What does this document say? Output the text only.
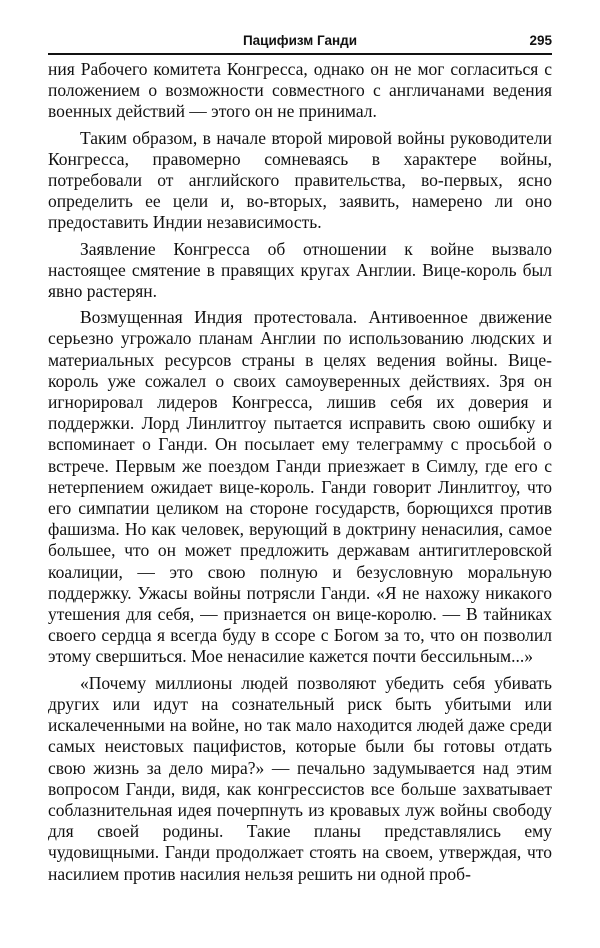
Пацифизм Ганди	295

ния Рабочего комитета Конгресса, однако он не мог согласиться с положением о возможности совместного с англичанами ведения военных действий — этого он не принимал.

Таким образом, в начале второй мировой войны руководители Конгресса, правомерно сомневаясь в характере войны, потребовали от английского правительства, во-первых, ясно определить ее цели и, во-вторых, заявить, намерено ли оно предоставить Индии независимость.

Заявление Конгресса об отношении к войне вызвало настоящее смятение в правящих кругах Англии. Вице-король был явно растерян.

Возмущенная Индия протестовала. Антивоенное движение серьезно угрожало планам Англии по использованию людских и материальных ресурсов страны в целях ведения войны. Вице-король уже сожалел о своих самоуверенных действиях. Зря он игнорировал лидеров Конгресса, лишив себя их доверия и поддержки. Лорд Линлитгоу пытается исправить свою ошибку и вспоминает о Ганди. Он посылает ему телеграмму с просьбой о встрече. Первым же поездом Ганди приезжает в Симлу, где его с нетерпением ожидает вице-король. Ганди говорит Линлитгоу, что его симпатии целиком на стороне государств, борющихся против фашизма. Но как человек, верующий в доктрину ненасилия, самое большее, что он может предложить державам антигитлеровской коалиции, — это свою полную и безусловную моральную поддержку. Ужасы войны потрясли Ганди. «Я не нахожу никакого утешения для себя, — признается он вице-королю. — В тайниках своего сердца я всегда буду в ссоре с Богом за то, что он позволил этому свершиться. Мое ненасилие кажется почти бессильным...»

«Почему миллионы людей позволяют убедить себя убивать других или идут на сознательный риск быть убитыми или искалеченными на войне, но так мало находится людей даже среди самых неистовых пацифистов, которые были бы готовы отдать свою жизнь за дело мира?» — печально задумывается над этим вопросом Ганди, видя, как конгрессистов все больше захватывает соблазнительная идея почерпнуть из кровавых луж войны свободу для своей родины. Такие планы представлялись ему чудовищными. Ганди продолжает стоять на своем, утверждая, что насилием против насилия нельзя решить ни одной проб-
